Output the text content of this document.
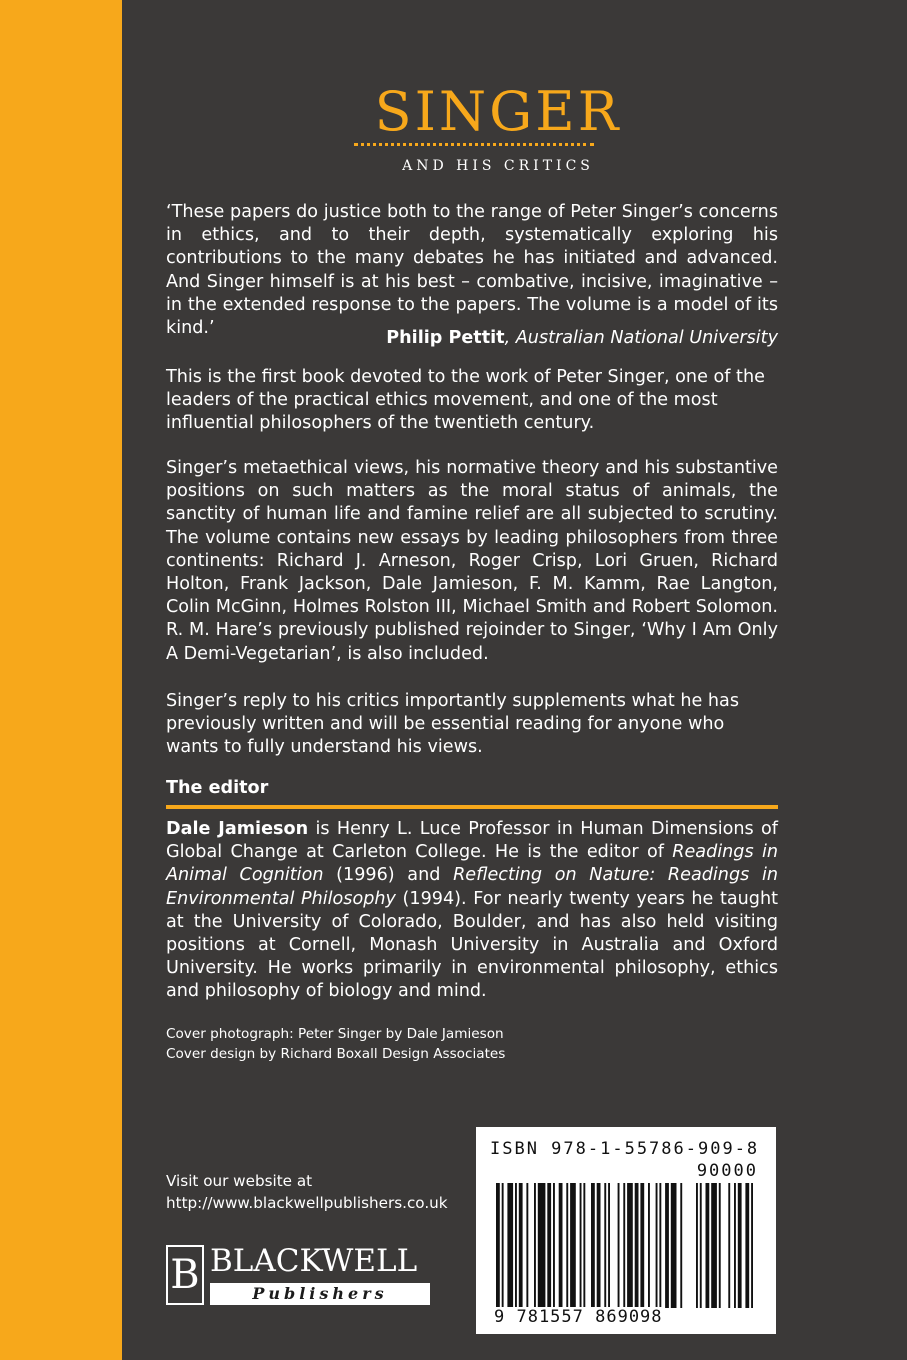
SINGER
AND HIS CRITICS
‘These papers do justice both to the range of Peter Singer’s concerns in ethics, and to their depth, systematically exploring his contributions to the many debates he has initiated and advanced. And Singer himself is at his best – combative, incisive, imaginative – in the extended response to the papers. The volume is a model of its kind.’	Philip Pettit, Australian National University
This is the first book devoted to the work of Peter Singer, one of the leaders of the practical ethics movement, and one of the most influential philosophers of the twentieth century.
Singer’s metaethical views, his normative theory and his substantive positions on such matters as the moral status of animals, the sanctity of human life and famine relief are all subjected to scrutiny. The volume contains new essays by leading philosophers from three continents: Richard J. Arneson, Roger Crisp, Lori Gruen, Richard Holton, Frank Jackson, Dale Jamieson, F. M. Kamm, Rae Langton, Colin McGinn, Holmes Rolston III, Michael Smith and Robert Solomon. R. M. Hare’s previously published rejoinder to Singer, ‘Why I Am Only A Demi-Vegetarian’, is also included.
Singer’s reply to his critics importantly supplements what he has previously written and will be essential reading for anyone who wants to fully understand his views.
The editor
Dale Jamieson is Henry L. Luce Professor in Human Dimensions of Global Change at Carleton College. He is the editor of Readings in Animal Cognition (1996) and Reflecting on Nature: Readings in Environmental Philosophy (1994). For nearly twenty years he taught at the University of Colorado, Boulder, and has also held visiting positions at Cornell, Monash University in Australia and Oxford University. He works primarily in environmental philosophy, ethics and philosophy of biology and mind.
Cover photograph: Peter Singer by Dale Jamieson
Cover design by Richard Boxall Design Associates
Visit our website at
http://www.blackwellpublishers.co.uk
B BLACKWELL
Publishers
ISBN 978-1-55786-909-8
90000
9 781557 869098
